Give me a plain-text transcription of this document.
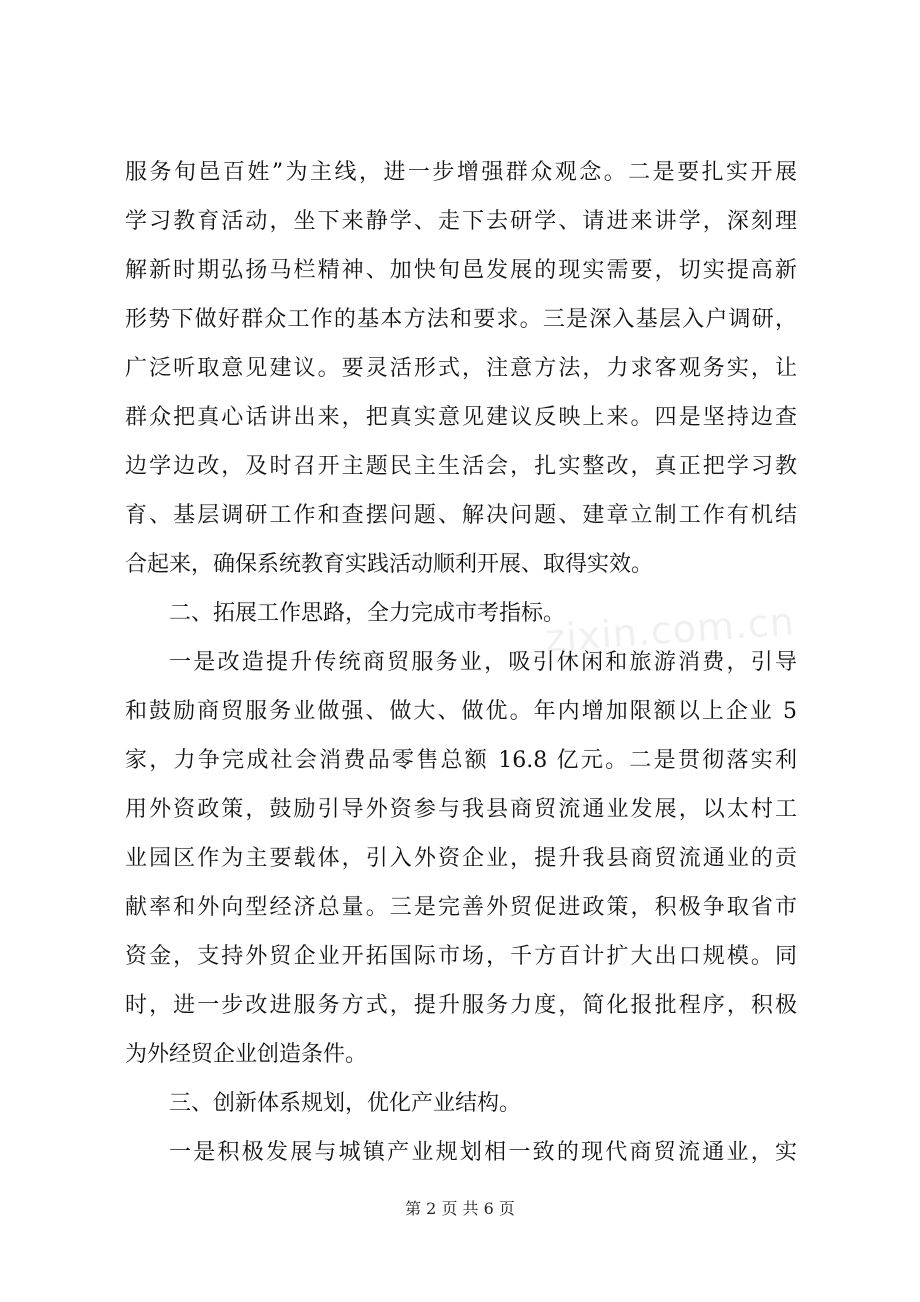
zixin.com.cn
服务旬邑百姓”为主线，进一步增强群众观念。二是要扎实开展
学习教育活动，坐下来静学、走下去研学、请进来讲学，深刻理
解新时期弘扬马栏精神、加快旬邑发展的现实需要，切实提高新
形势下做好群众工作的基本方法和要求。三是深入基层入户调研，
广泛听取意见建议。要灵活形式，注意方法，力求客观务实，让
群众把真心话讲出来，把真实意见建议反映上来。四是坚持边查
边学边改，及时召开主题民主生活会，扎实整改，真正把学习教
育、基层调研工作和查摆问题、解决问题、建章立制工作有机结
合起来，确保系统教育实践活动顺利开展、取得实效。
二、拓展工作思路，全力完成市考指标。
一是改造提升传统商贸服务业，吸引休闲和旅游消费，引导
和鼓励商贸服务业做强、做大、做优。年内增加限额以上企业 5
家，力争完成社会消费品零售总额 16.8 亿元。二是贯彻落实利
用外资政策，鼓励引导外资参与我县商贸流通业发展，以太村工
业园区作为主要载体，引入外资企业，提升我县商贸流通业的贡
献率和外向型经济总量。三是完善外贸促进政策，积极争取省市
资金，支持外贸企业开拓国际市场，千方百计扩大出口规模。同
时，进一步改进服务方式，提升服务力度，简化报批程序，积极
为外经贸企业创造条件。
三、创新体系规划，优化产业结构。
一是积极发展与城镇产业规划相一致的现代商贸流通业，实
第 2 页 共 6 页
